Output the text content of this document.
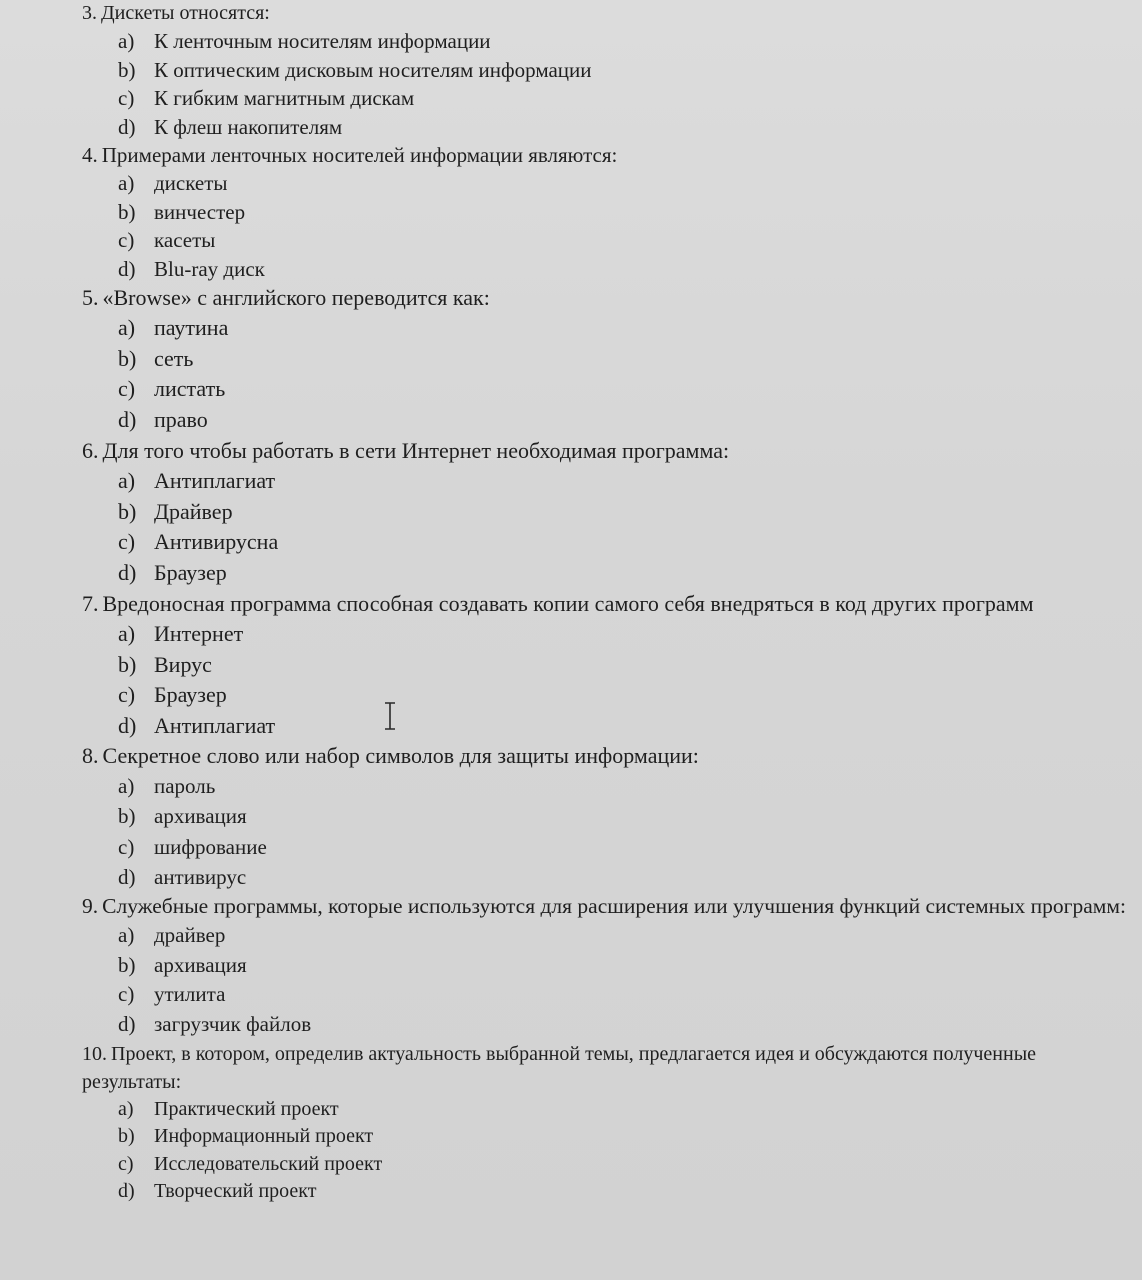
3. Дискеты относятся:
a) К ленточным носителям информации
b) К оптическим дисковым носителям информации
c) К гибким магнитным дискам
d) К флеш накопителям
4. Примерами ленточных носителей информации являются:
a) дискеты
b) винчестер
c) касеты
d) Blu-ray диск
5. «Browse» с английского переводится как:
a) паутина
b) сеть
c) листать
d) право
6. Для того чтобы работать в сети Интернет необходимая программа:
a) Антиплагиат
b) Драйвер
c) Антивирусна
d) Браузер
7. Вредоносная программа способная создавать копии самого себя внедряться в код других программ
a) Интернет
b) Вирус
c) Браузер
d) Антиплагиат
8. Секретное слово или набор символов для защиты информации:
a) пароль
b) архивация
c) шифрование
d) антивирус
9. Служебные программы, которые используются для расширения или улучшения функций системных программ:
a) драйвер
b) архивация
c) утилита
d) загрузчик файлов
10. Проект, в котором, определив актуальность выбранной темы, предлагается идея и обсуждаются полученные результаты:
a) Практический проект
b) Информационный проект
c) Исследовательский проект
d) Творческий проект
